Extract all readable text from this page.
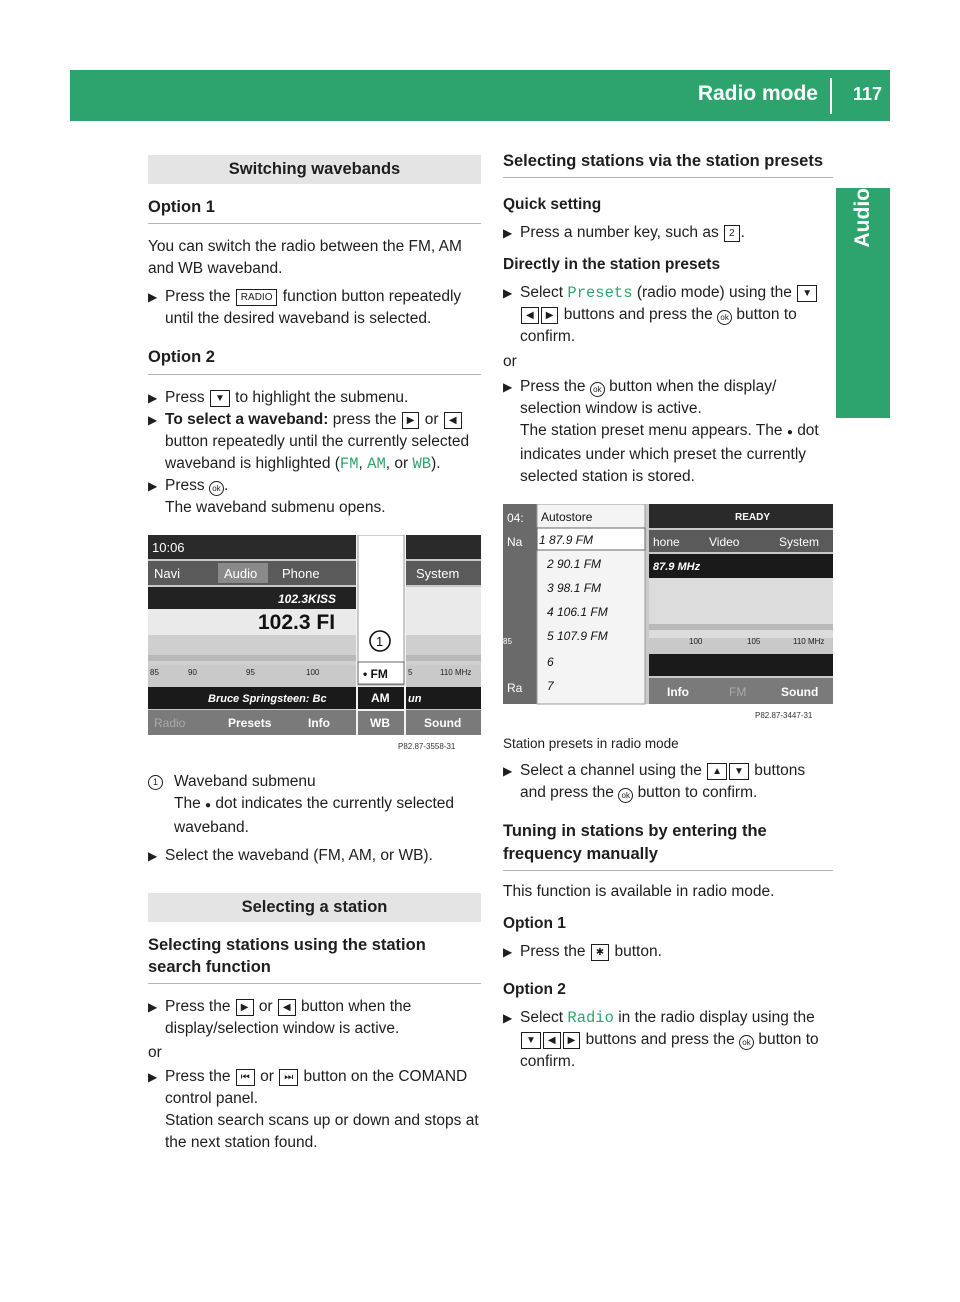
Radio mode 117
Audio
Switching wavebands
Option 1

You can switch the radio between the FM, AM and WB waveband.

▶ Press the RADIO function button repeatedly until the desired waveband is selected.
Option 2
▶ Press ▼ to highlight the submenu.
▶ To select a waveband: press the ▶ or ◀ button repeatedly until the currently selected waveband is highlighted (FM, AM, or WB).
▶ Press ok .
The waveband submenu opens.
10:06
Navi	Audio Phone	System
102.3KISS
102.3 FI
85	90	95	100	5	110 MHz
Bruce Springsteen: Bc	un
Radio	Presets	Info	Sound
1
• FM
AM
WB
P82.87-3558-31
1	Waveband submenu
The ● dot indicates the currently selected waveband.
▶ Select the waveband (FM, AM, or WB).
Selecting a station
Selecting stations using the station search function
▶ Press the ▶ or ◀ button when the display/selection window is active.

or

▶ Press the ⏮ or ⏭ button on the COMAND control panel.
Station search scans up or down and stops at the next station found.
Selecting stations via the station presets

Quick setting

▶ Press a number key, such as 2 .

Directly in the station presets

▶ Select Presets (radio mode) using the ▼◀ ▶ buttons and press the ok button to confirm.

or

▶ Press the ok button when the display/ selection window is active.
The station preset menu appears. The ● dot indicates under which preset the currently selected station is stored.
04:
Na
Ra
Autostore
1 87.9 FM
2 90.1 FM
3 98.1 FM
4 106.1 FM
5 107.9 FM
6
7
READY
hone Video	System
87.9 MHz
85	100	105	110 MHz
Info	FM	Sound
P82.87-3447-31

Station presets in radio mode

▶ Select a channel using the ▲ ▼ buttons and press the ok button to confirm.
Tuning in stations by entering the frequency manually

This function is available in radio mode.

Option 1

▶ Press the ✱ button.

Option 2

▶ Select Radio in the radio display using the ▼ ◀ ▶ buttons and press the ok button to confirm.
